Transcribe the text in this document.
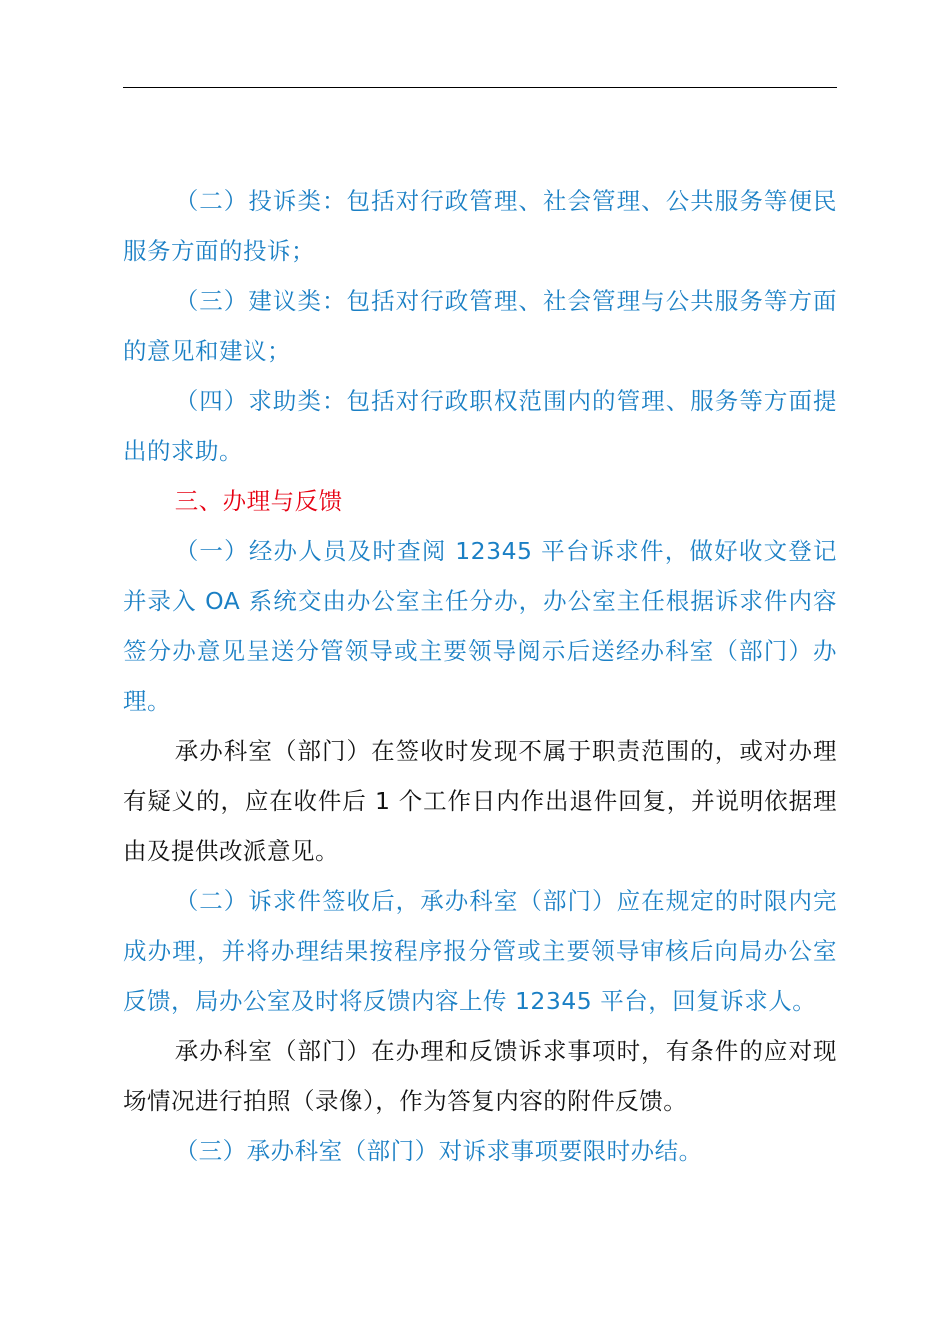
（二）投诉类：包括对行政管理、社会管理、公共服务等便民服务方面的投诉；

（三）建议类：包括对行政管理、社会管理与公共服务等方面的意见和建议；

（四）求助类：包括对行政职权范围内的管理、服务等方面提出的求助。

三、办理与反馈

（一）经办人员及时查阅 12345 平台诉求件，做好收文登记并录入 OA 系统交由办公室主任分办，办公室主任根据诉求件内容签分办意见呈送分管领导或主要领导阅示后送经办科室（部门）办理。

承办科室（部门）在签收时发现不属于职责范围的，或对办理有疑义的，应在收件后 1 个工作日内作出退件回复，并说明依据理由及提供改派意见。

（二）诉求件签收后，承办科室（部门）应在规定的时限内完成办理，并将办理结果按程序报分管或主要领导审核后向局办公室反馈，局办公室及时将反馈内容上传 12345 平台，回复诉求人。

承办科室（部门）在办理和反馈诉求事项时，有条件的应对现场情况进行拍照（录像），作为答复内容的附件反馈。

（三）承办科室（部门）对诉求事项要限时办结。
